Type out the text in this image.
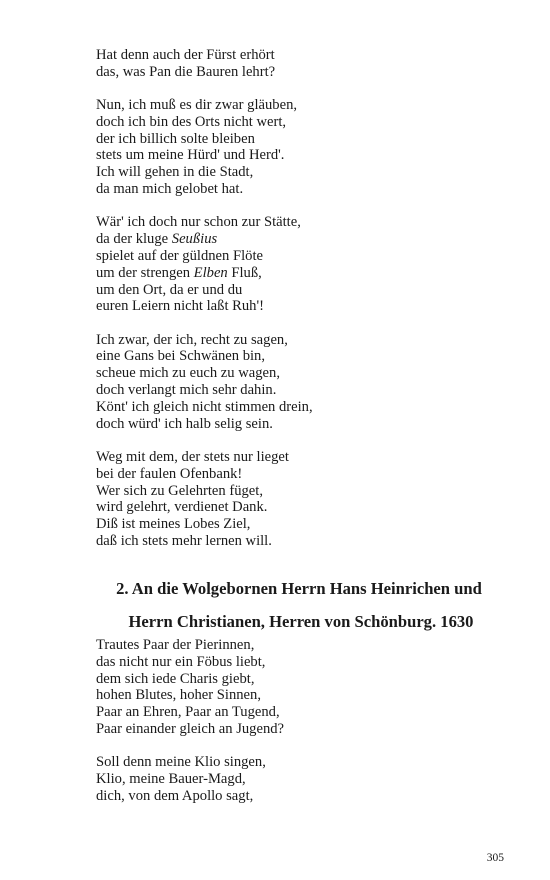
Hat denn auch der Fürst erhört
das, was Pan die Bauren lehrt?
Nun, ich muß es dir zwar gläuben,
doch ich bin des Orts nicht wert,
der ich billich solte bleiben
stets um meine Hürd' und Herd'.
Ich will gehen in die Stadt,
da man mich gelobet hat.
Wär' ich doch nur schon zur Stätte,
da der kluge Seußius
spielet auf der güldnen Flöte
um der strengen Elben Fluß,
um den Ort, da er und du
euren Leiern nicht laßt Ruh'!
Ich zwar, der ich, recht zu sagen,
eine Gans bei Schwänen bin,
scheue mich zu euch zu wagen,
doch verlangt mich sehr dahin.
Könt' ich gleich nicht stimmen drein,
doch würd' ich halb selig sein.
Weg mit dem, der stets nur lieget
bei der faulen Ofenbank!
Wer sich zu Gelehrten füget,
wird gelehrt, verdienet Dank.
Diß ist meines Lobes Ziel,
daß ich stets mehr lernen will.
2. An die Wolgebornen Herrn Hans Heinrichen und
Herrn Christianen, Herren von Schönburg. 1630
Trautes Paar der Pierinnen,
das nicht nur ein Föbus liebt,
dem sich iede Charis giebt,
hohen Blutes, hoher Sinnen,
Paar an Ehren, Paar an Tugend,
Paar einander gleich an Jugend?
Soll denn meine Klio singen,
Klio, meine Bauer-Magd,
dich, von dem Apollo sagt,
305
